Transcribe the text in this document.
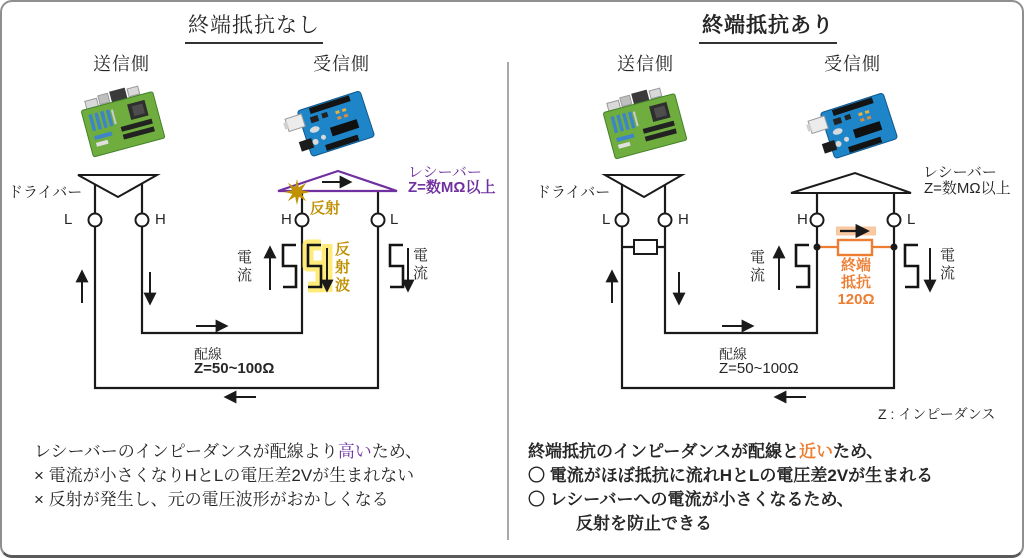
終端抵抗なし
送信側	受信側
ドライバー
L	H	H	L
レシーバー
Z=数MΩ以上
反射
電流	反射波	電流
配線
Z=50~100Ω
レシーバーのインピーダンスが配線より高いため、
× 電流が小さくなりHとLの電圧差2Vが生まれない
× 反射が発生し、元の電圧波形がおかしくなる
終端抵抗あり
送信側	受信側
ドライバー
L	H	H	L
レシーバー
Z=数MΩ以上
電流	電流
終端抵抗
120Ω
配線
Z=50~100Ω
Z : インピーダンス
終端抵抗のインピーダンスが配線と近いため、
〇 電流がほぼ抵抗に流れHとLの電圧差2Vが生まれる
〇 レシーバーへの電流が小さくなるため、
反射を防止できる
